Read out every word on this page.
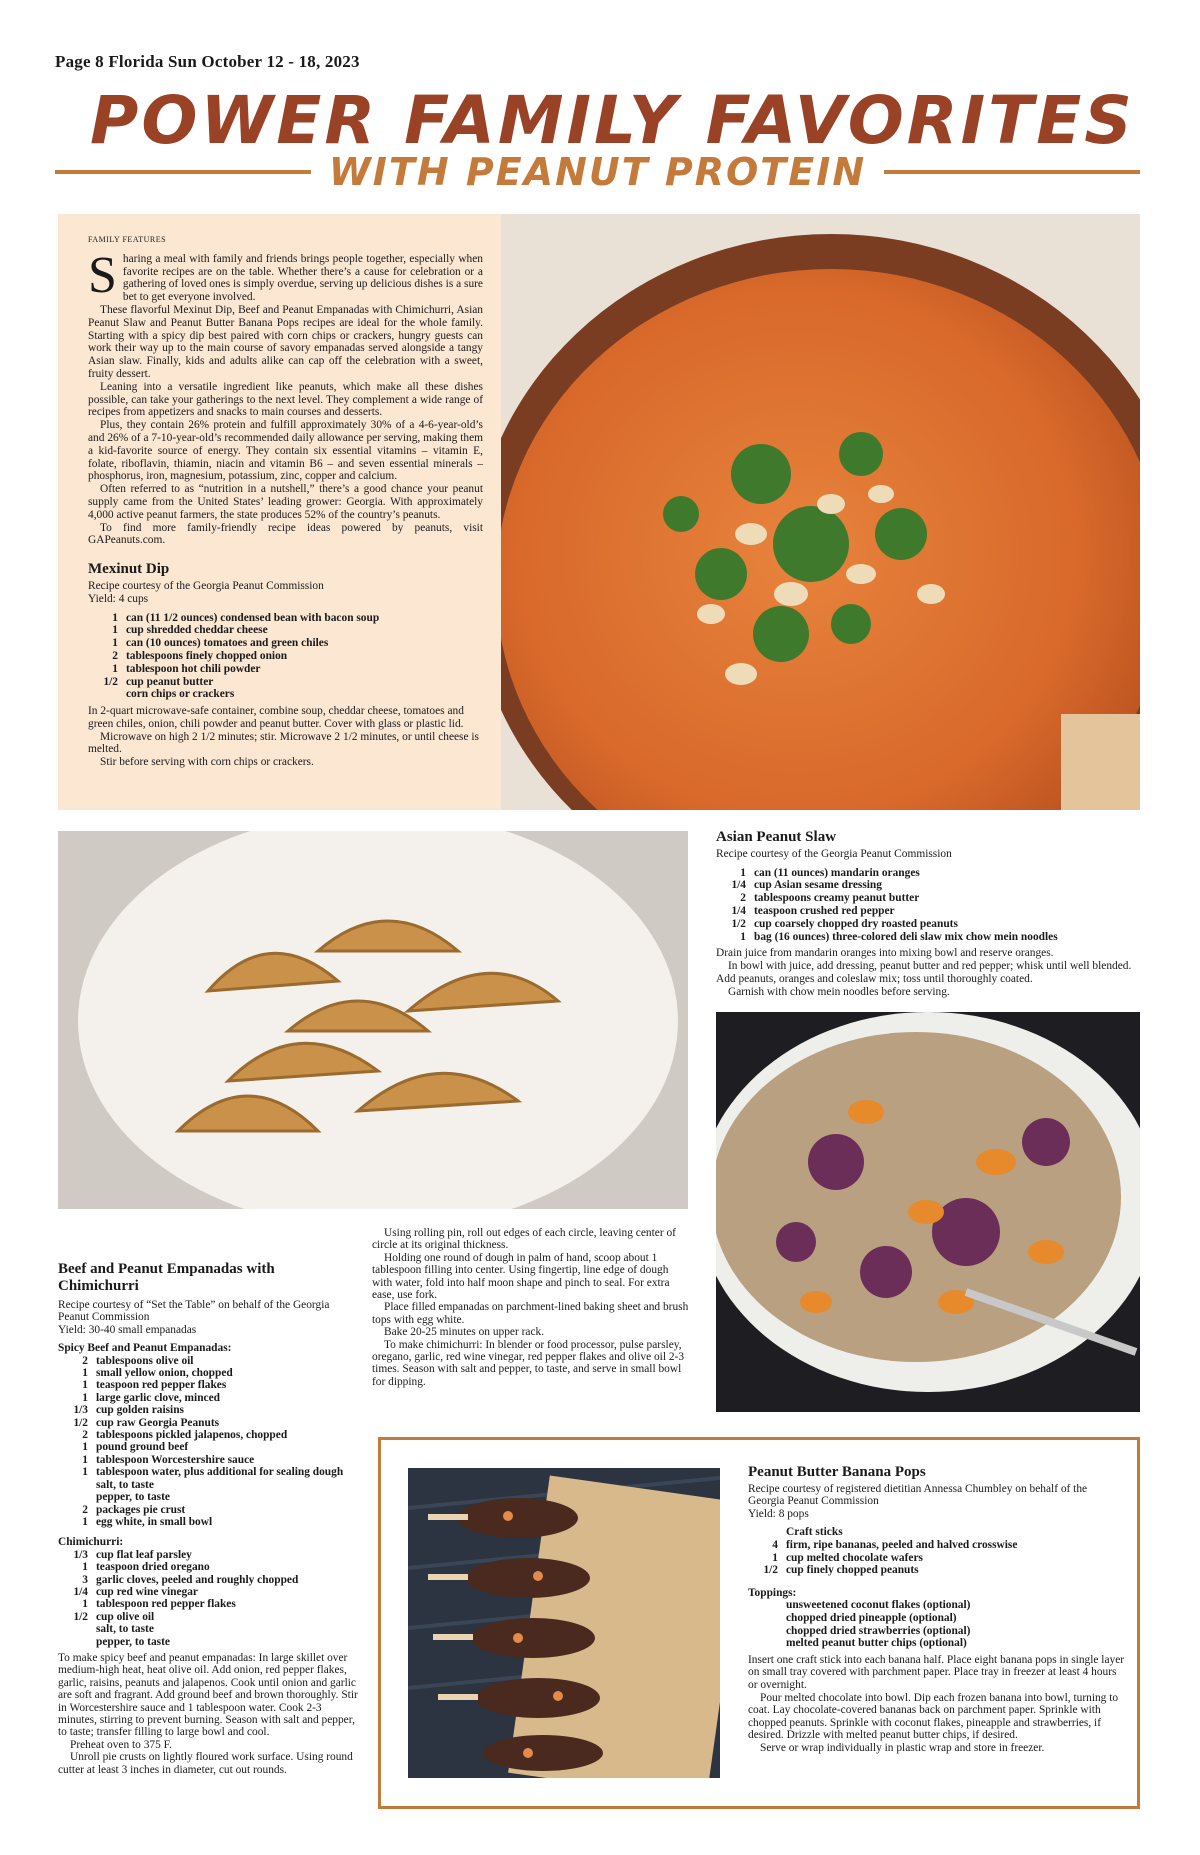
Page 8 Florida Sun October 12 - 18, 2023
POWER FAMILY FAVORITES
WITH PEANUT PROTEIN
FAMILY FEATURES

Sharing a meal with family and friends brings people together, especially when favorite recipes are on the table. Whether there’s a cause for celebration or a gathering of loved ones is simply overdue, serving up delicious dishes is a sure bet to get everyone involved.

These flavorful Mexinut Dip, Beef and Peanut Empanadas with Chimichurri, Asian Peanut Slaw and Peanut Butter Banana Pops recipes are ideal for the whole family. Starting with a spicy dip best paired with corn chips or crackers, hungry guests can work their way up to the main course of savory empanadas served alongside a tangy Asian slaw. Finally, kids and adults alike can cap off the celebration with a sweet, fruity dessert.

Leaning into a versatile ingredient like peanuts, which make all these dishes possible, can take your gatherings to the next level. They complement a wide range of recipes from appetizers and snacks to main courses and desserts.

Plus, they contain 26% protein and fulfill approximately 30% of a 4-6-year-old’s and 26% of a 7-10-year-old’s recommended daily allowance per serving, making them a kid-favorite source of energy. They contain six essential vitamins – vitamin E, folate, riboflavin, thiamin, niacin and vitamin B6 – and seven essential minerals – phosphorus, iron, magnesium, potassium, zinc, copper and calcium.

Often referred to as “nutrition in a nutshell,” there’s a good chance your peanut supply came from the United States’ leading grower: Georgia. With approximately 4,000 active peanut farmers, the state produces 52% of the country’s peanuts.

To find more family-friendly recipe ideas powered by peanuts, visit GAPeanuts.com.

Mexinut Dip
Recipe courtesy of the Georgia Peanut Commission
Yield: 4 cups
1 can (11 1/2 ounces) condensed bean with bacon soup
1 cup shredded cheddar cheese
1 can (10 ounces) tomatoes and green chiles
2 tablespoons finely chopped onion
1 tablespoon hot chili powder
1/2 cup peanut butter
corn chips or crackers

In 2-quart microwave-safe container, combine soup, cheddar cheese, tomatoes and green chiles, onion, chili powder and peanut butter. Cover with glass or plastic lid.

Microwave on high 2 1/2 minutes; stir. Microwave 2 1/2 minutes, or until cheese is melted.

Stir before serving with corn chips or crackers.

Asian Peanut Slaw
Recipe courtesy of the Georgia Peanut Commission
1 can (11 ounces) mandarin oranges
1/4 cup Asian sesame dressing
2 tablespoons creamy peanut butter
1/4 teaspoon crushed red pepper
1/2 cup coarsely chopped dry roasted peanuts
1 bag (16 ounces) three-colored deli slaw mix chow mein noodles

Drain juice from mandarin oranges into mixing bowl and reserve oranges.

In bowl with juice, add dressing, peanut butter and red pepper; whisk until well blended. Add peanuts, oranges and coleslaw mix; toss until thoroughly coated.

Garnish with chow mein noodles before serving.

Beef and Peanut Empanadas with Chimichurri
Recipe courtesy of “Set the Table” on behalf of the Georgia Peanut Commission
Yield: 30-40 small empanadas
Spicy Beef and Peanut Empanadas:
2 tablespoons olive oil
1 small yellow onion, chopped
1 teaspoon red pepper flakes
1 large garlic clove, minced
1/3 cup golden raisins
1/2 cup raw Georgia Peanuts
2 tablespoons pickled jalapenos, chopped
1 pound ground beef
1 tablespoon Worcestershire sauce
1 tablespoon water, plus additional for sealing dough
salt, to taste
pepper, to taste
2 packages pie crust
1 egg white, in small bowl
Chimichurri:
1/3 cup flat leaf parsley
1 teaspoon dried oregano
3 garlic cloves, peeled and roughly chopped
1/4 cup red wine vinegar
1 tablespoon red pepper flakes
1/2 cup olive oil
salt, to taste
pepper, to taste

To make spicy beef and peanut empanadas: In large skillet over medium-high heat, heat olive oil. Add onion, red pepper flakes, garlic, raisins, peanuts and jalapenos. Cook until onion and garlic are soft and fragrant. Add ground beef and brown thoroughly. Stir in Worcestershire sauce and 1 tablespoon water. Cook 2-3 minutes, stirring to prevent burning. Season with salt and pepper, to taste; transfer filling to large bowl and cool.

Preheat oven to 375 F.

Unroll pie crusts on lightly floured work surface. Using round cutter at least 3 inches in diameter, cut out rounds.

Using rolling pin, roll out edges of each circle, leaving center of circle at its original thickness.

Holding one round of dough in palm of hand, scoop about 1 tablespoon filling into center. Using fingertip, line edge of dough with water, fold into half moon shape and pinch to seal. For extra ease, use fork.

Place filled empanadas on parchment-lined baking sheet and brush tops with egg white.

Bake 20-25 minutes on upper rack.

To make chimichurri: In blender or food processor, pulse parsley, oregano, garlic, red wine vinegar, red pepper flakes and olive oil 2-3 times. Season with salt and pepper, to taste, and serve in small bowl for dipping.

Peanut Butter Banana Pops
Recipe courtesy of registered dietitian Annessa Chumbley on behalf of the Georgia Peanut Commission
Yield: 8 pops
Craft sticks
4 firm, ripe bananas, peeled and halved crosswise
1 cup melted chocolate wafers
1/2 cup finely chopped peanuts
Toppings:
unsweetened coconut flakes (optional)
chopped dried pineapple (optional)
chopped dried strawberries (optional)
melted peanut butter chips (optional)

Insert one craft stick into each banana half. Place eight banana pops in single layer on small tray covered with parchment paper. Place tray in freezer at least 4 hours or overnight.

Pour melted chocolate into bowl. Dip each frozen banana into bowl, turning to coat. Lay chocolate-covered bananas back on parchment paper. Sprinkle with chopped peanuts. Sprinkle with coconut flakes, pineapple and strawberries, if desired. Drizzle with melted peanut butter chips, if desired.

Serve or wrap individually in plastic wrap and store in freezer.
